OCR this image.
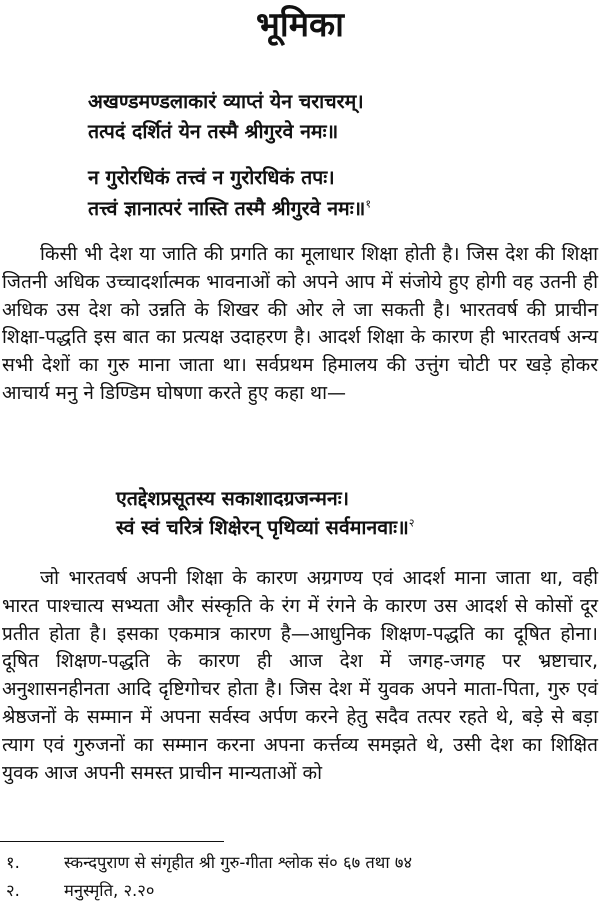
भूमिका
अखण्डमण्डलाकारं व्याप्तं येन चराचरम्।
तत्पदं दर्शितं येन तस्मै श्रीगुरवे नमः॥
न गुरोरधिकं तत्त्वं न गुरोरधिकं तपः।
तत्त्वं ज्ञानात्परं नास्ति तस्मै श्रीगुरवे नमः॥$^१$
किसी भी देश या जाति की प्रगति का मूलाधार शिक्षा होती है। जिस देश की शिक्षा जितनी अधिक उच्चादर्शात्मक भावनाओं को अपने आप में संजोये हुए होगी वह उतनी ही अधिक उस देश को उन्नति के शिखर की ओर ले जा सकती है। भारतवर्ष की प्राचीन शिक्षा-पद्धति इस बात का प्रत्यक्ष उदाहरण है। आदर्श शिक्षा के कारण ही भारतवर्ष अन्य सभी देशों का गुरु माना जाता था। सर्वप्रथम हिमालय की उत्तुंग चोटी पर खड़े होकर आचार्य मनु ने डिण्डिम घोषणा करते हुए कहा था—
एतद्देशप्रसूतस्य सकाशादग्रजन्मनः।
स्वं स्वं चरित्रं शिक्षेरन् पृथिव्यां सर्वमानवाः॥$^२$
जो भारतवर्ष अपनी शिक्षा के कारण अग्रगण्य एवं आदर्श माना जाता था, वही भारत पाश्चात्य सभ्यता और संस्कृति के रंग में रंगने के कारण उस आदर्श से कोसों दूर प्रतीत होता है। इसका एकमात्र कारण है—आधुनिक शिक्षण-पद्धति का दूषित होना। दूषित शिक्षण-पद्धति के कारण ही आज देश में जगह-जगह पर भ्रष्टाचार, अनुशासनहीनता आदि दृष्टिगोचर होता है। जिस देश में युवक अपने माता-पिता, गुरु एवं श्रेष्ठजनों के सम्मान में अपना सर्वस्व अर्पण करने हेतु सदैव तत्पर रहते थे, बड़े से बड़ा त्याग एवं गुरुजनों का सम्मान करना अपना कर्त्तव्य समझते थे, उसी देश का शिक्षित युवक आज अपनी समस्त प्राचीन मान्यताओं को
१.	स्कन्दपुराण से संगृहीत श्री गुरु-गीता श्लोक सं० ६७ तथा ७४
२.	मनुस्मृति, २.२०
